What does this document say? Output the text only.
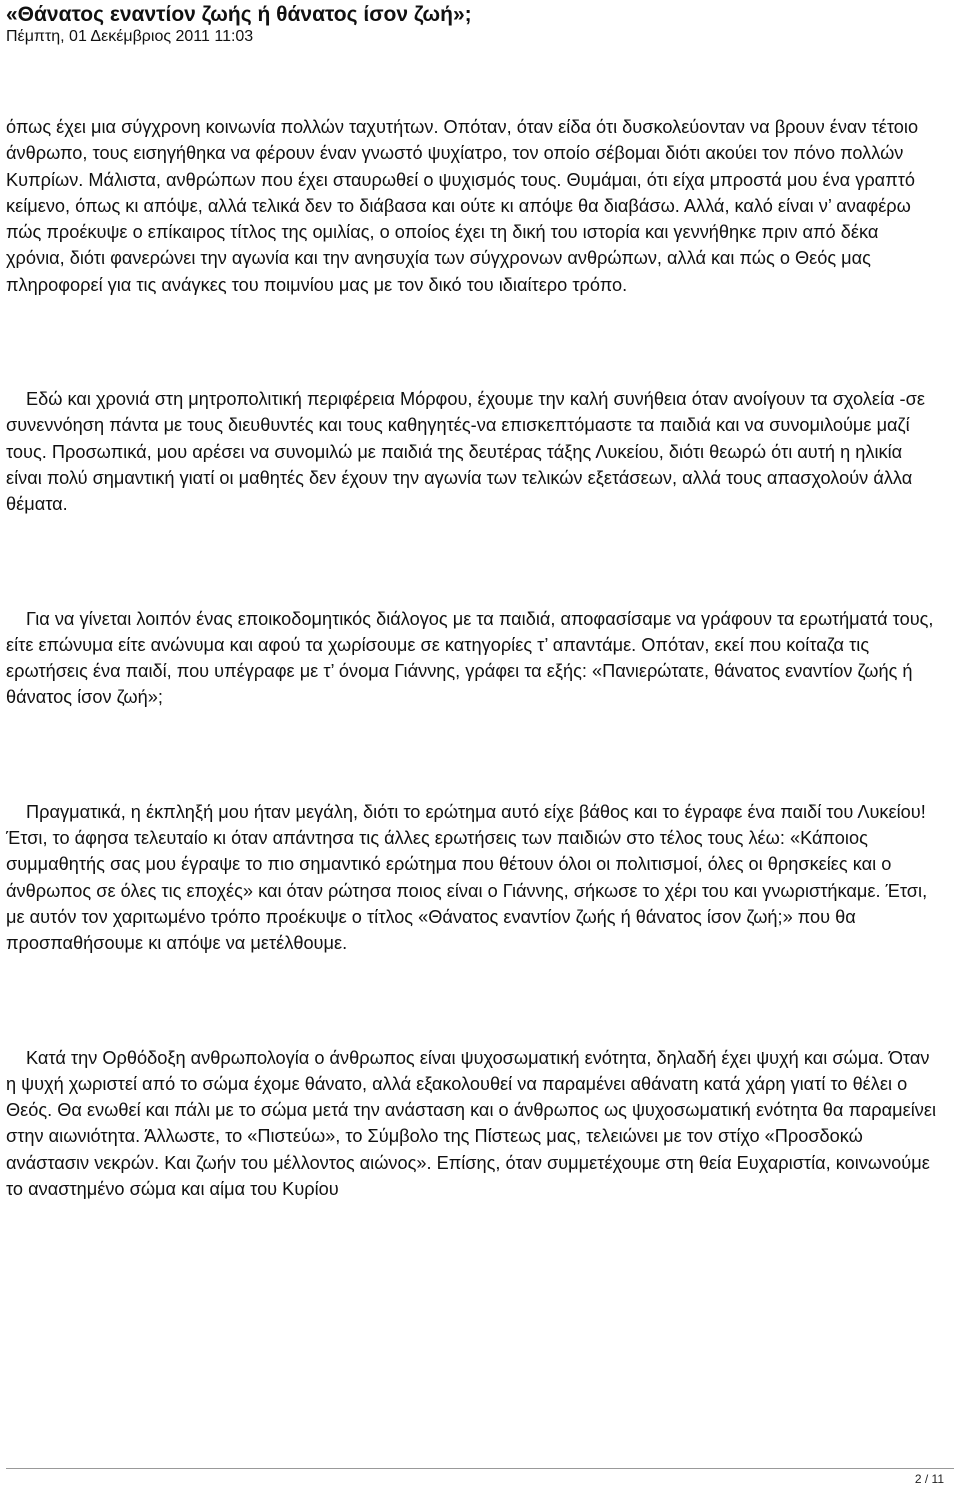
«Θάνατος εναντίον ζωής ή θάνατος ίσον ζωή»;

Πέμπτη, 01 Δεκέμβριος 2011 11:03

όπως έχει μια σύγχρονη κοινωνία πολλών ταχυτήτων. Οπόταν, όταν είδα ότι δυσκολεύονταν να βρουν έναν τέτοιο άνθρωπο, τους εισηγήθηκα να φέρουν έναν γνωστό ψυχίατρο, τον οποίο σέβομαι διότι ακούει τον πόνο πολλών Κυπρίων. Μάλιστα, ανθρώπων που έχει σταυρωθεί ο ψυχισμός τους. Θυμάμαι, ότι είχα μπροστά μου ένα γραπτό κείμενο, όπως κι απόψε, αλλά τελικά δεν το διάβασα και ούτε κι απόψε θα διαβάσω. Αλλά, καλό είναι ν’ αναφέρω πώς προέκυψε ο επίκαιρος τίτλος της ομιλίας, ο οποίος έχει τη δική του ιστορία και γεννήθηκε πριν από δέκα χρόνια, διότι φανερώνει την αγωνία και την ανησυχία των σύγχρονων ανθρώπων, αλλά και πώς ο Θεός μας πληροφορεί για τις ανάγκες του ποιμνίου μας με τον δικό του ιδιαίτερο τρόπο.

Εδώ και χρονιά στη μητροπολιτική περιφέρεια Μόρφου, έχουμε την καλή συνήθεια όταν ανοίγουν τα σχολεία -σε συνεννόηση πάντα με τους διευθυντές και τους καθηγητές-να επισκεπτόμαστε τα παιδιά και να συνομιλούμε μαζί τους. Προσωπικά, μου αρέσει να συνομιλώ με παιδιά της δευτέρας τάξης Λυκείου, διότι θεωρώ ότι αυτή η ηλικία είναι πολύ σημαντική γιατί οι μαθητές δεν έχουν την αγωνία των τελικών εξετάσεων, αλλά τους απασχολούν άλλα θέματα.

Για να γίνεται λοιπόν ένας εποικοδομητικός διάλογος με τα παιδιά, αποφασίσαμε να γράφουν τα ερωτήματά τους, είτε επώνυμα είτε ανώνυμα και αφού τα χωρίσουμε σε κατηγορίες τ’ απαντάμε. Οπόταν, εκεί που κοίταζα τις ερωτήσεις ένα παιδί, που υπέγραφε με τ’ όνομα Γιάννης, γράφει τα εξής: «Πανιερώτατε, θάνατος εναντίον ζωής ή θάνατος ίσον ζωή»;

Πραγματικά, η έκπληξή μου ήταν μεγάλη, διότι το ερώτημα αυτό είχε βάθος και το έγραφε ένα παιδί του Λυκείου! Έτσι, το άφησα τελευταίο κι όταν απάντησα τις άλλες ερωτήσεις των παιδιών στο τέλος τους λέω: «Κάποιος συμμαθητής σας μου έγραψε το πιο σημαντικό ερώτημα που θέτουν όλοι οι πολιτισμοί, όλες οι θρησκείες και ο άνθρωπος σε όλες τις εποχές» και όταν ρώτησα ποιος είναι ο Γιάννης, σήκωσε το χέρι του και γνωριστήκαμε. Έτσι, με αυτόν τον χαριτωμένο τρόπο προέκυψε ο τίτλος «Θάνατος εναντίον ζωής ή θάνατος ίσον ζωή;» που θα προσπαθήσουμε κι απόψε να μετέλθουμε.

Κατά την Ορθόδοξη ανθρωπολογία ο άνθρωπος είναι ψυχοσωματική ενότητα, δηλαδή έχει ψυχή και σώμα. Όταν η ψυχή χωριστεί από το σώμα έχομε θάνατο, αλλά εξακολουθεί να παραμένει αθάνατη κατά χάρη γιατί το θέλει ο Θεός. Θα ενωθεί και πάλι με το σώμα μετά την ανάσταση και ο άνθρωπος ως ψυχοσωματική ενότητα θα παραμείνει στην αιωνιότητα. Άλλωστε, το «Πιστεύω», το Σύμβολο της Πίστεως μας, τελειώνει με τον στίχο «Προσδοκώ ανάστασιν νεκρών. Και ζωήν του μέλλοντος αιώνος». Επίσης, όταν συμμετέχουμε στη θεία Ευχαριστία, κοινωνούμε το αναστημένο σώμα και αίμα του Κυρίου

2 / 11
